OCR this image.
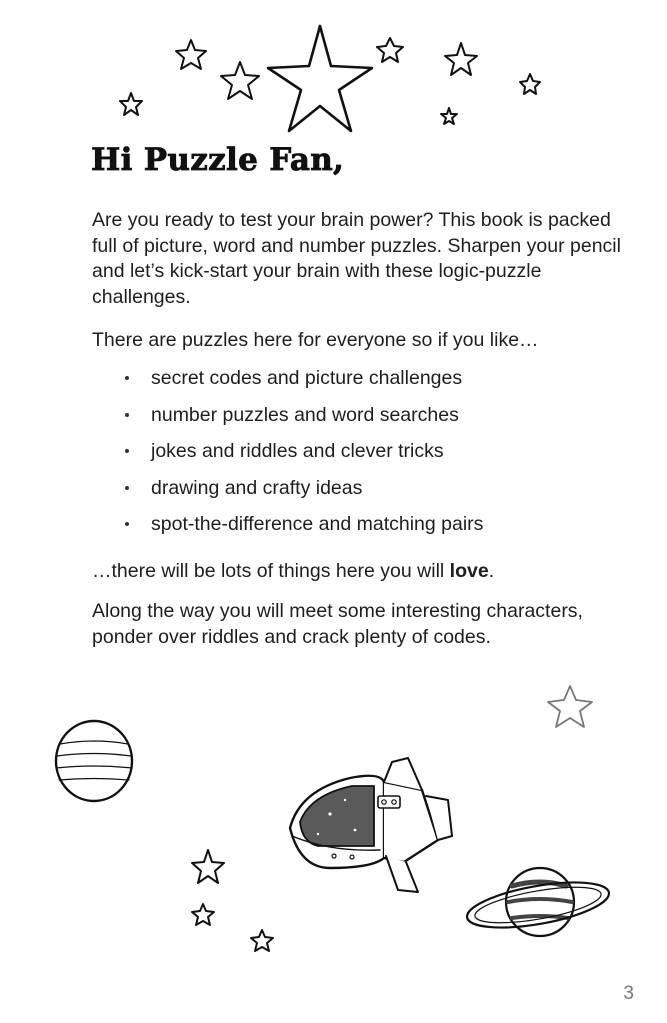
Hi Puzzle Fan,

Are you ready to test your brain power? This book is packed full of picture, word and number puzzles. Sharpen your pencil and let’s kick-start your brain with these logic-puzzle challenges.

There are puzzles here for everyone so if you like…

secret codes and picture challenges
number puzzles and word searches
jokes and riddles and clever tricks
drawing and crafty ideas
spot-the-difference and matching pairs

…there will be lots of things here you will love.

Along the way you will meet some interesting characters, ponder over riddles and crack plenty of codes.

3
